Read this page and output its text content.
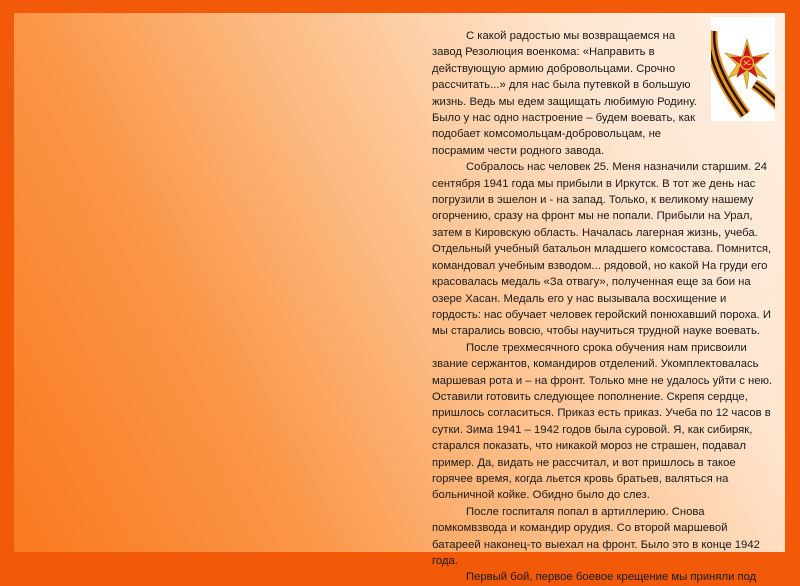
С какой радостью мы возвращаемся на завод Резолюция военкома: «Направить в действующую армию добровольцами. Срочно рассчитать...» для нас была путевкой в большую жизнь. Ведь мы едем защищать любимую Родину. Было у нас одно настроение – будем воевать, как подобает комсомольцам-добровольцам, не посрамим чести родного завода.

Собралось нас человек 25. Меня назначили старшим. 24 сентября 1941 года мы прибыли в Иркутск. В тот же день нас погрузили в эшелон и - на запад. Только, к великому нашему огорчению, сразу на фронт мы не попали. Прибыли на Урал, затем в Кировскую область. Началась лагерная жизнь, учеба. Отдельный учебный батальон младшего комсостава. Помнится, командовал учебным взводом... рядовой, но какой На груди его красовалась медаль «За отвагу», полученная еще за бои на озере Хасан. Медаль его у нас вызывала восхищение и гордость: нас обучает человек геройский понюхавший пороха. И мы старались вовсю, чтобы научиться трудной науке воевать.

После трехмесячного срока обучения нам присвоили звание сержантов, командиров отделений. Укомплектовалась маршевая рота и – на фронт. Только мне не удалось уйти с нею. Оставили готовить следующее пополнение. Скрепя сердце, пришлось согласиться. Приказ есть приказ. Учеба по 12 часов в сутки. Зима 1941 – 1942 годов была суровой. Я, как сибиряк, старался показать, что никакой мороз не страшен, подавал пример. Да, видать не рассчитал, и вот пришлось в такое горячее время, когда льется кровь братьев, валяться на больничной койке. Обидно было до слез.

После госпиталя попал в артиллерию. Снова помкомвзвода и командир орудия. Со второй маршевой батареей наконец-то выехал на фронт. Было это в конце 1942 года.

Первый бой, первое боевое крещение мы приняли под
